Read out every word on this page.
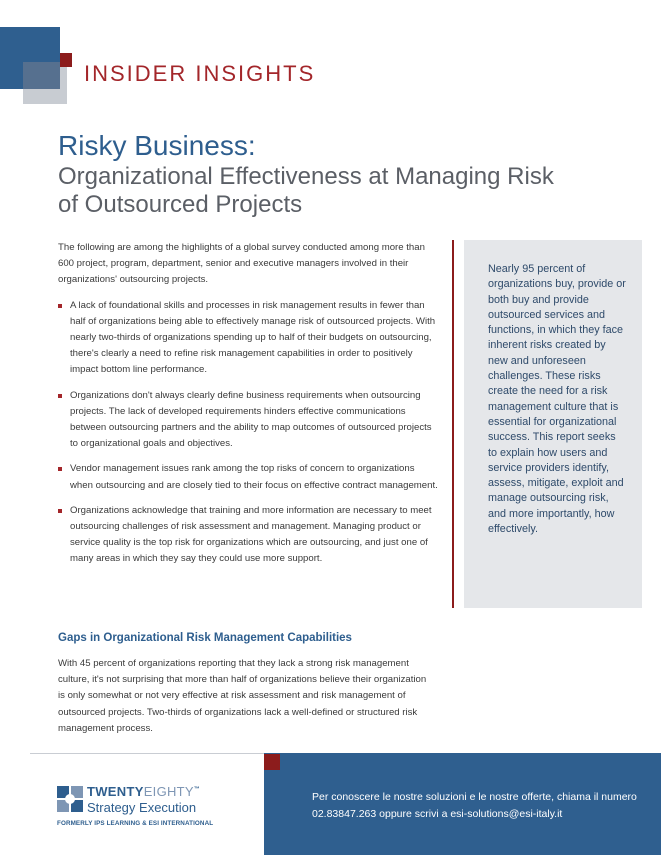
INSIDER INSIGHTS
Risky Business:
Organizational Effectiveness at Managing Risk of Outsourced Projects

The following are among the highlights of a global survey conducted among more than 600 project, program, department, senior and executive managers involved in their organizations' outsourcing projects.

A lack of foundational skills and processes in risk management results in fewer than half of organizations being able to effectively manage risk of outsourced projects. With nearly two-thirds of organizations spending up to half of their budgets on outsourcing, there's clearly a need to refine risk management capabilities in order to positively impact bottom line performance.
Organizations don't always clearly define business requirements when outsourcing projects. The lack of developed requirements hinders effective communications between outsourcing partners and the ability to map outcomes of outsourced projects to organizational goals and objectives.
Vendor management issues rank among the top risks of concern to organizations when outsourcing and are closely tied to their focus on effective contract management.
Organizations acknowledge that training and more information are necessary to meet outsourcing challenges of risk assessment and management. Managing product or service quality is the top risk for organizations which are outsourcing, and just one of many areas in which they say they could use more support.
Gaps in Organizational Risk Management Capabilities

With 45 percent of organizations reporting that they lack a strong risk management culture, it's not surprising that more than half of organizations believe their organization is only somewhat or not very effective at risk assessment and risk management of outsourced projects. Two-thirds of organizations lack a well-defined or structured risk management process.

Nearly 95 percent of organizations buy, provide or both buy and provide outsourced services and functions, in which they face inherent risks created by new and unforeseen challenges. These risks create the need for a risk management culture that is essential for organizational success. This report seeks to explain how users and service providers identify, assess, mitigate, exploit and manage outsourcing risk, and more importantly, how effectively.

Per conoscere le nostre soluzioni e le nostre offerte, chiama il numero 02.83847.263 oppure scrivi a esi-solutions@esi-italy.it

TWENTYEIGHTY™
Strategy Execution
FORMERLY IPS LEARNING & ESI INTERNATIONAL
